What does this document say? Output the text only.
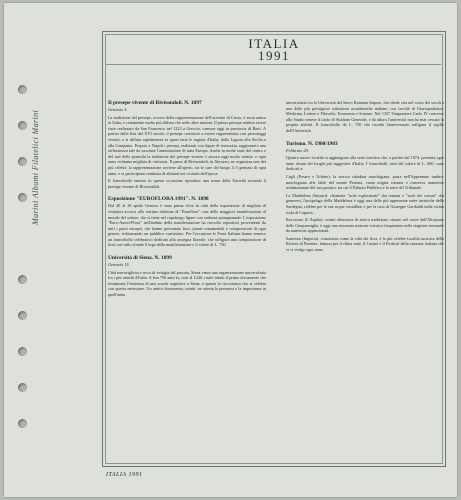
Marini Albumi Filatelici Marini
ITALIA
1991
Il presepe vivente di Rivisondoli. N. 1897
Gennaio 5.

La tradizione del presepe, ovvero della rappresentazione dell'avvento di Cristo, è assai antica in Italia, e certamente molto più diffusa che nelle altre nazioni. Il primo presepe sembra essere stato realizzato da San Francesco nel 1223 a Greccio, comune oggi in provincia di Rieti. A partire dalla fine del XVI secolo, il presepe cominciò a essere rappresentato con personaggi viventi, e si diffuse rapidamente in quasi tutte le regioni d'Italia, dalla Liguria alla Sicilia e alla Campania. Proprio a Napoli i presepi, realizzati con figure di terracotta, raggiunsero una raffinatezza tale da suscitare l'ammirazione di tutta Europa. Anche in molte zone del centro e del sud della penisola la tradizione del presepe vivente è ancora oggi molto sentita, e ogni anno richiama migliaia di visitatori. Il paese di Rivisondoli, in Abruzzo, ne organizza uno dei più celebri: la rappresentazione avviene all'aperto, tra le case del borgo, il 5 gennaio di ogni anno, e vi partecipano centinaia di abitanti nei costumi dell'epoca.

Il francobollo emesso in questa occasione riproduce una scena della Natività secondo il presepe vivente di Rivisondoli.

Esposizione "EUROFLORA 1991". N. 1898

Dal 20 al 28 aprile Genova è stata prima d'ora la città della esposizione di migliaia di visitatori accorsi alla settima edizione di "Euroflora", una delle maggiori manifestazioni al mondo del settore, che si tiene nel capoluogo ligure con cadenza quinquennale. L'esposizione "Euro-Amici-Flora" nell'ambito della manifestazione ha raccolto espositori provenienti da tutti i paesi europei, che hanno presentato fiori, piante ornamentali e composizioni di ogni genere, richiamando un pubblico vastissimo. Per l'occasione le Poste Italiane hanno emesso un francobollo celebrativo dedicato alla rassegna floreale, che raffigura una composizione di fiori con sullo sfondo il logo della manifestazione e il valore di L. 750.

Università di Siena. N. 1899
Gennaio 15.

Città meravigliosa e ricca di vestigia del passato, Siena vanta una organizzazione universitaria fra i più antichi d'Italia. A ben 750 anni fa, cioè al 1240, risale infatti il primo documento che testimonia l'esistenza di una scuola superiore a Siena, e questa la circostanza che si celebra con questa emissione. Un antico documento, infatti, ne attesta la presenza e la importanza in quell'anno.

universitario tra le Università del Sacro Romano Impero, che diede vita nel corso dei secoli a una delle più prestigiose istituzioni accademiche italiane, con facoltà di Giurisprudenza, Medicina, Lettere e Filosofia, Economia e Scienze. Nel 1357 l'imperatore Carlo IV concesse allo Studio senese il titolo di Studium Generale, e da allora l'università non ha mai cessato la propria attività. Il francobollo da L. 750 che ricorda l'anniversario raffigura il sigillo dell'Università.

Turismo. N. 1900/1903
Febbraio 25.

Quattro nuove località si aggiungono alla serie turistica che, a partire dal 1974, presenta ogni anno alcuni dei luoghi più suggestivi d'Italia. I francobolli, tutti del valore di L. 600, sono dedicati a:

Cagli (Pesaro e Urbino): la storica cittadina marchigiana, posta nell'Appennino umbro-marchigiano alle falde del monte Petrano, vanta origini romane e conserva numerose testimonianze del suo passato, tra cui il Palazzo Pubblico e la torre del Tribunale.

La Maddalena (Sassari): chiamata "isole esploratorie" dai romani e "isole dei corsari" dai genovesi, l'arcipelago della Maddalena è oggi una delle più apprezzate mete turistiche della Sardegna, celebre per le sue acque cristalline e per la casa di Giuseppe Garibaldi nella vicina isola di Caprera.

Roccaraso (L'Aquila): centro abruzzese di antica tradizione, situato nel cuore dell'Altopiano delle Cinquemiglia, è oggi una rinomata stazione sciistica frequentata nella stagione invernale da numerosi appassionati.

Sanremo (Imperia): conosciuta come la città dei fiori, è la più celebre località turistica della Riviera di Ponente, famosa per il clima mite, il Casinò e il Festival della canzone italiana che vi si svolge ogni anno.

ITALIA 1991
